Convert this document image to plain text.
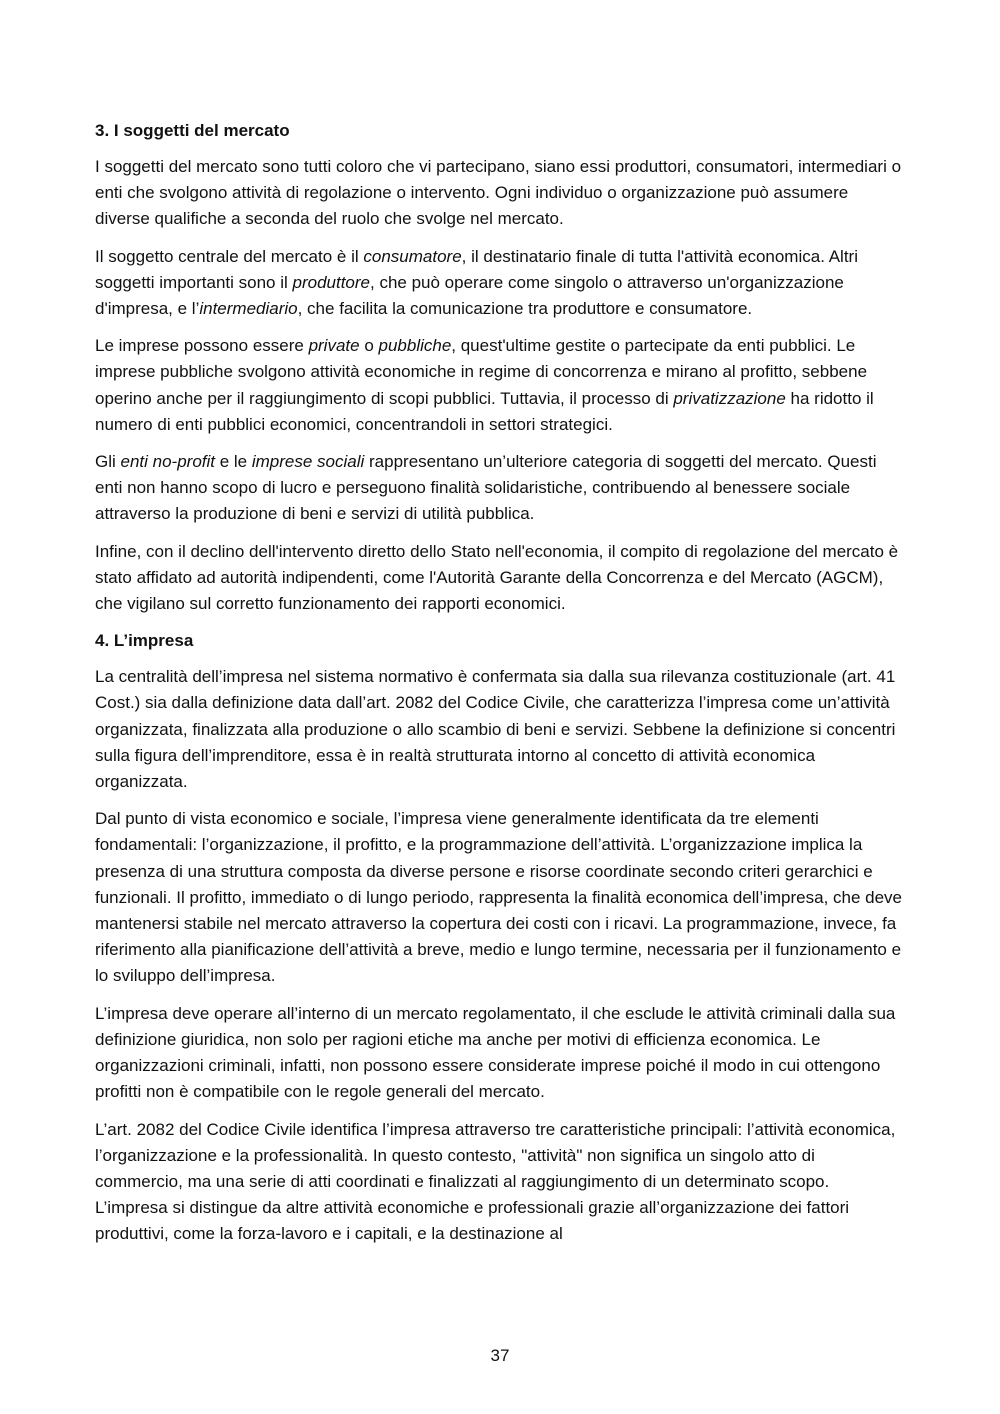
3. I soggetti del mercato

I soggetti del mercato sono tutti coloro che vi partecipano, siano essi produttori, consumatori, intermediari o enti che svolgono attività di regolazione o intervento. Ogni individuo o organizzazione può assumere diverse qualifiche a seconda del ruolo che svolge nel mercato.

Il soggetto centrale del mercato è il consumatore, il destinatario finale di tutta l'attività economica. Altri soggetti importanti sono il produttore, che può operare come singolo o attraverso un'organizzazione d'impresa, e l’intermediario, che facilita la comunicazione tra produttore e consumatore.

Le imprese possono essere private o pubbliche, quest'ultime gestite o partecipate da enti pubblici. Le imprese pubbliche svolgono attività economiche in regime di concorrenza e mirano al profitto, sebbene operino anche per il raggiungimento di scopi pubblici. Tuttavia, il processo di privatizzazione ha ridotto il numero di enti pubblici economici, concentrandoli in settori strategici.

Gli enti no-profit e le imprese sociali rappresentano un’ulteriore categoria di soggetti del mercato. Questi enti non hanno scopo di lucro e perseguono finalità solidaristiche, contribuendo al benessere sociale attraverso la produzione di beni e servizi di utilità pubblica.

Infine, con il declino dell'intervento diretto dello Stato nell'economia, il compito di regolazione del mercato è stato affidato ad autorità indipendenti, come l'Autorità Garante della Concorrenza e del Mercato (AGCM), che vigilano sul corretto funzionamento dei rapporti economici.

4. L’impresa

La centralità dell’impresa nel sistema normativo è confermata sia dalla sua rilevanza costituzionale (art. 41 Cost.) sia dalla definizione data dall’art. 2082 del Codice Civile, che caratterizza l’impresa come un’attività organizzata, finalizzata alla produzione o allo scambio di beni e servizi. Sebbene la definizione si concentri sulla figura dell’imprenditore, essa è in realtà strutturata intorno al concetto di attività economica organizzata.

Dal punto di vista economico e sociale, l’impresa viene generalmente identificata da tre elementi fondamentali: l’organizzazione, il profitto, e la programmazione dell’attività. L’organizzazione implica la presenza di una struttura composta da diverse persone e risorse coordinate secondo criteri gerarchici e funzionali. Il profitto, immediato o di lungo periodo, rappresenta la finalità economica dell’impresa, che deve mantenersi stabile nel mercato attraverso la copertura dei costi con i ricavi. La programmazione, invece, fa riferimento alla pianificazione dell’attività a breve, medio e lungo termine, necessaria per il funzionamento e lo sviluppo dell’impresa.

L’impresa deve operare all’interno di un mercato regolamentato, il che esclude le attività criminali dalla sua definizione giuridica, non solo per ragioni etiche ma anche per motivi di efficienza economica. Le organizzazioni criminali, infatti, non possono essere considerate imprese poiché il modo in cui ottengono profitti non è compatibile con le regole generali del mercato.

L’art. 2082 del Codice Civile identifica l’impresa attraverso tre caratteristiche principali: l’attività economica, l’organizzazione e la professionalità. In questo contesto, "attività" non significa un singolo atto di commercio, ma una serie di atti coordinati e finalizzati al raggiungimento di un determinato scopo. L’impresa si distingue da altre attività economiche e professionali grazie all’organizzazione dei fattori produttivi, come la forza-lavoro e i capitali, e la destinazione al

37
